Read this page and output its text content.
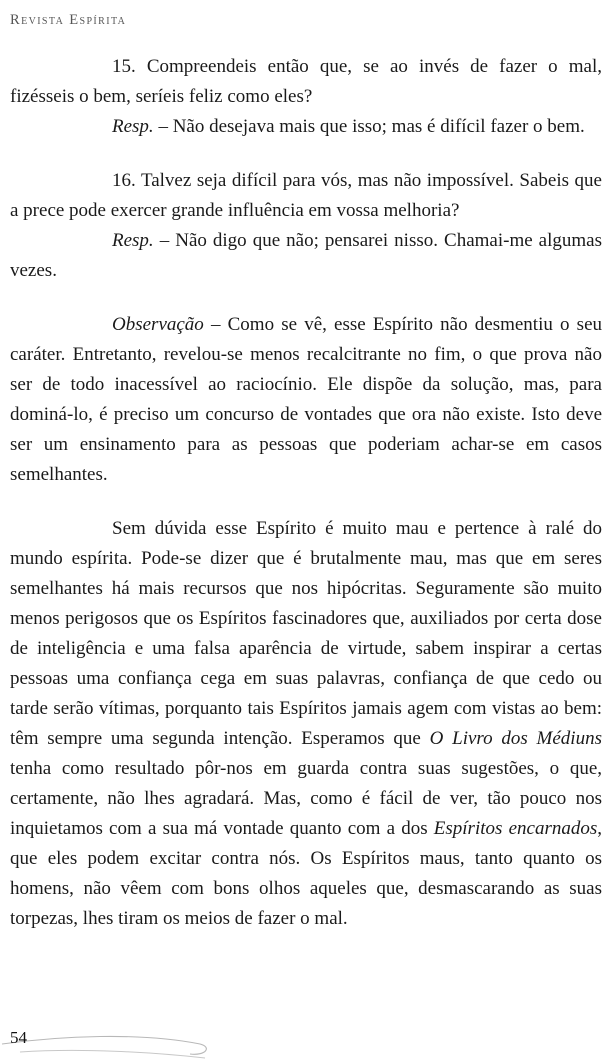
Revista Espírita

15. Compreendeis então que, se ao invés de fazer o mal, fizésseis o bem, seríeis feliz como eles?

Resp. – Não desejava mais que isso; mas é difícil fazer o bem.

16. Talvez seja difícil para vós, mas não impossível. Sabeis que a prece pode exercer grande influência em vossa melhoria?

Resp. – Não digo que não; pensarei nisso. Chamai-me algumas vezes.

Observação – Como se vê, esse Espírito não desmentiu o seu caráter. Entretanto, revelou-se menos recalcitrante no fim, o que prova não ser de todo inacessível ao raciocínio. Ele dispõe da solução, mas, para dominá-lo, é preciso um concurso de vontades que ora não existe. Isto deve ser um ensinamento para as pessoas que poderiam achar-se em casos semelhantes.

Sem dúvida esse Espírito é muito mau e pertence à ralé do mundo espírita. Pode-se dizer que é brutalmente mau, mas que em seres semelhantes há mais recursos que nos hipócritas. Seguramente são muito menos perigosos que os Espíritos fascinadores que, auxiliados por certa dose de inteligência e uma falsa aparência de virtude, sabem inspirar a certas pessoas uma confiança cega em suas palavras, confiança de que cedo ou tarde serão vítimas, porquanto tais Espíritos jamais agem com vistas ao bem: têm sempre uma segunda intenção. Esperamos que O Livro dos Médiuns tenha como resultado pôr-nos em guarda contra suas sugestões, o que, certamente, não lhes agradará. Mas, como é fácil de ver, tão pouco nos inquietamos com a sua má vontade quanto com a dos Espíritos encarnados, que eles podem excitar contra nós. Os Espíritos maus, tanto quanto os homens, não vêem com bons olhos aqueles que, desmascarando as suas torpezas, lhes tiram os meios de fazer o mal.

54
